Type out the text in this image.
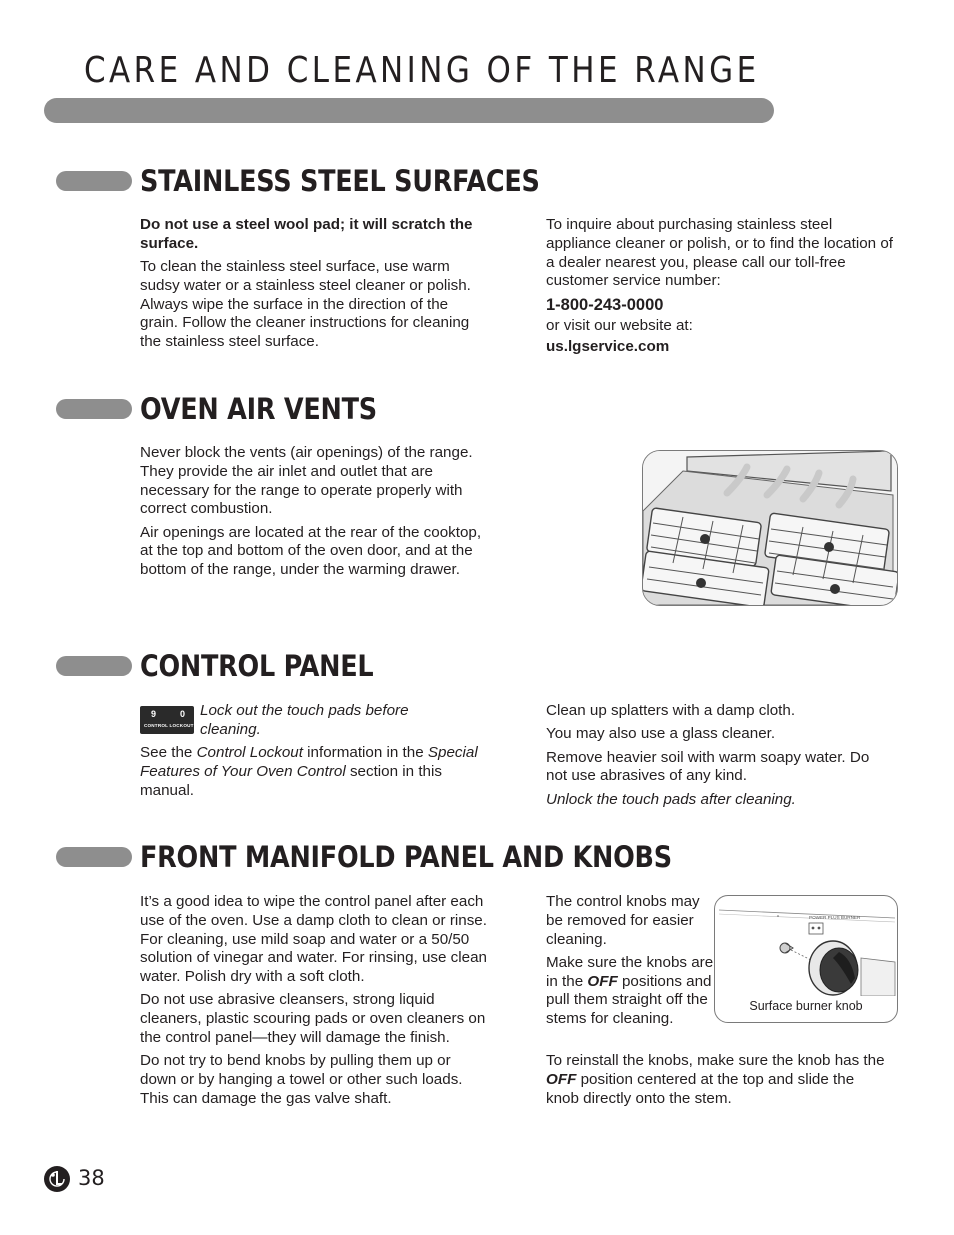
CARE AND CLEANING OF THE RANGE
STAINLESS STEEL SURFACES

Do not use a steel wool pad; it will scratch the surface.

To clean the stainless steel surface, use warm sudsy water or a stainless steel cleaner or polish. Always wipe the surface in the direction of the grain. Follow the cleaner instructions for cleaning the stainless steel surface.

To inquire about purchasing stainless steel appliance cleaner or polish, or to find the location of a dealer nearest you, please call our toll-free customer service number:

1-800-243-0000

or visit our website at:

us.lgservice.com

OVEN AIR VENTS

Never block the vents (air openings) of the range. They provide the air inlet and outlet that are necessary for the range to operate properly with correct combustion.

Air openings are located at the rear of the cooktop, at the top and bottom of the oven door, and at the bottom of the range, under the warming drawer.

CONTROL PANEL
9	0
CONTROL LOCKOUT
Lock out the touch pads before cleaning.

See the Control Lockout information in the Special Features of Your Oven Control section in this manual.

Clean up splatters with a damp cloth.

You may also use a glass cleaner.

Remove heavier soil with warm soapy water. Do not use abrasives of any kind.

Unlock the touch pads after cleaning.

FRONT MANIFOLD PANEL AND KNOBS

It’s a good idea to wipe the control panel after each use of the oven. Use a damp cloth to clean or rinse. For cleaning, use mild soap and water or a 50/50 solution of vinegar and water. For rinsing, use clean water. Polish dry with a soft cloth.

Do not use abrasive cleansers, strong liquid cleaners, plastic scouring pads or oven cleaners on the control panel—they will damage the finish.

Do not try to bend knobs by pulling them up or down or by hanging a towel or other such loads. This can damage the gas valve shaft.

The control knobs may be removed for easier cleaning.

Make sure the knobs are in the OFF positions and pull them straight off the stems for cleaning.

To reinstall the knobs, make sure the knob has the OFF position centered at the top and slide the knob directly onto the stem.

POWER PLUS BURNER
Surface burner knob
38
